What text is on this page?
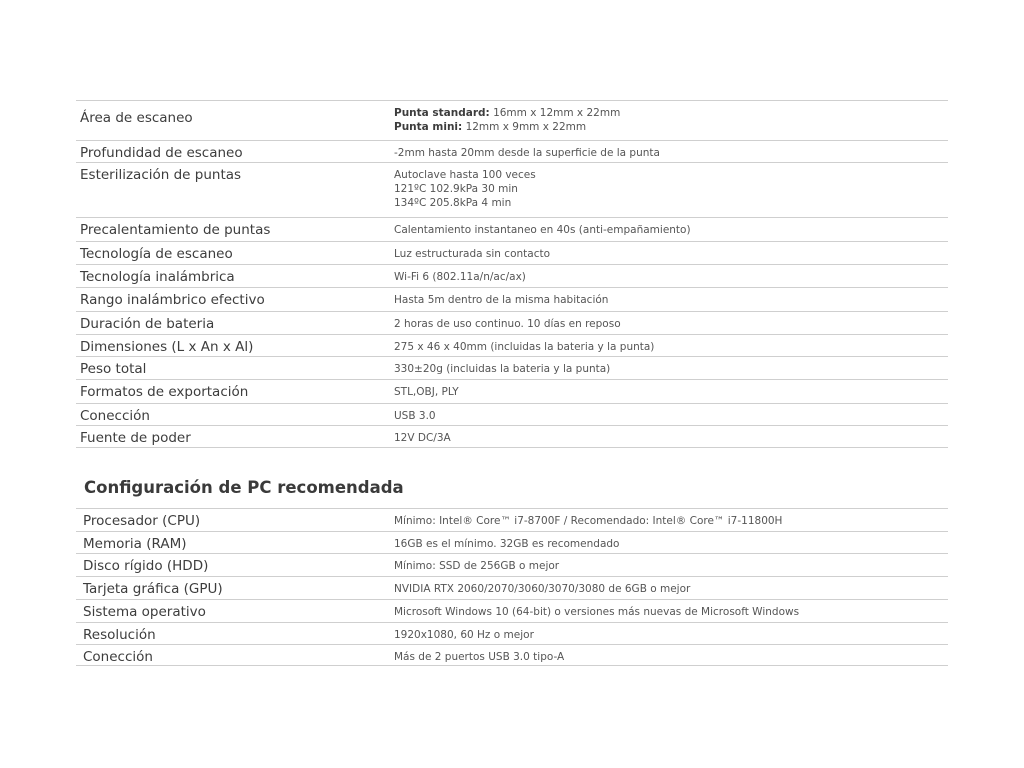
Área de escaneo	Punta standard: 16mm x 12mm x 22mm
Punta mini: 12mm x 9mm x 22mm
Profundidad de escaneo	-2mm hasta 20mm desde la superficie de la punta
Esterilización de puntas	Autoclave hasta 100 veces
121ºC 102.9kPa 30 min
134ºC 205.8kPa 4 min
Precalentamiento de puntas	Calentamiento instantaneo en 40s (anti-empañamiento)
Tecnología de escaneo	Luz estructurada sin contacto
Tecnología inalámbrica	Wi-Fi 6 (802.11a/n/ac/ax)
Rango inalámbrico efectivo	Hasta 5m dentro de la misma habitación
Duración de bateria	2 horas de uso continuo. 10 días en reposo
Dimensiones (L x An x Al)	275 x 46 x 40mm (incluidas la bateria y la punta)
Peso total	330±20g (incluidas la bateria y la punta)
Formatos de exportación	STL,OBJ, PLY
Conección	USB 3.0
Fuente de poder	12V DC/3A
Configuración de PC recomendada
Procesador (CPU)	Mínimo: Intel® Core™ i7-8700F / Recomendado: Intel® Core™ i7-11800H
Memoria (RAM)	16GB es el mínimo. 32GB es recomendado
Disco rígido (HDD)	Mínimo: SSD de 256GB o mejor
Tarjeta gráfica (GPU)	NVIDIA RTX 2060/2070/3060/3070/3080 de 6GB o mejor
Sistema operativo	Microsoft Windows 10 (64-bit) o versiones más nuevas de Microsoft Windows
Resolución	1920x1080, 60 Hz o mejor
Conección	Más de 2 puertos USB 3.0 tipo-A
